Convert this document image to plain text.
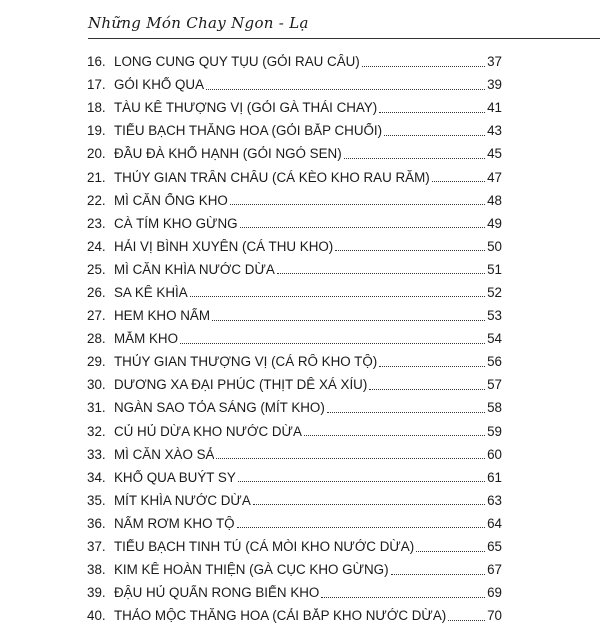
Những Món Chay Ngon - Lạ
16. LONG CUNG QUY TỤU (GỎI RAU CÂU)	37
17. GỎI KHỔ QUA	39
18. TÀU KÊ THƯỢNG VỊ (GỎI GÀ THÁI CHAY)	41
19. TIỂU BẠCH THĂNG HOA (GỎI BẮP CHUỐI)	43
20. ĐẦU ĐÀ KHỔ HẠNH (GỎI NGÓ SEN)	45
21. THỦY GIAN TRÂN CHÂU (CÁ KÈO KHO RAU RĂM)	47
22. MÌ CĂN ỐNG KHO	48
23. CÀ TÍM KHO GỪNG	49
24. HẢI VỊ BÌNH XUYÊN (CÁ THU KHO)	50
25. MÌ CĂN KHÌA NƯỚC DỪA	51
26. SA KÊ KHÌA	52
27. HEM KHO NẤM	53
28. MẮM KHO	54
29. THỦY GIAN THƯỢNG VỊ (CÁ RÔ KHO TỘ)	56
30. DƯƠNG XA ĐẠI PHÚC (THỊT DÊ XÁ XÍU)	57
31. NGÀN SAO TỎA SÁNG (MÍT KHO)	58
32. CỦ HỦ DỪA KHO NƯỚC DỪA	59
33. MÌ CĂN XÀO SẢ	60
34. KHỔ QUA BUÝT SY	61
35. MÍT KHÌA NƯỚC DỪA	63
36. NẤM RƠM KHO TỘ	64
37. TIỂU BẠCH TINH TÚ (CÁ MÒI KHO NƯỚC DỪA)	65
38. KIM KÊ HOÀN THIỆN (GÀ CỤC KHO GỪNG)	67
39. ĐẬU HỦ QUẤN RONG BIỂN KHO	69
40. THẢO MỘC THĂNG HOA (CẢI BẮP KHO NƯỚC DỪA)	70
